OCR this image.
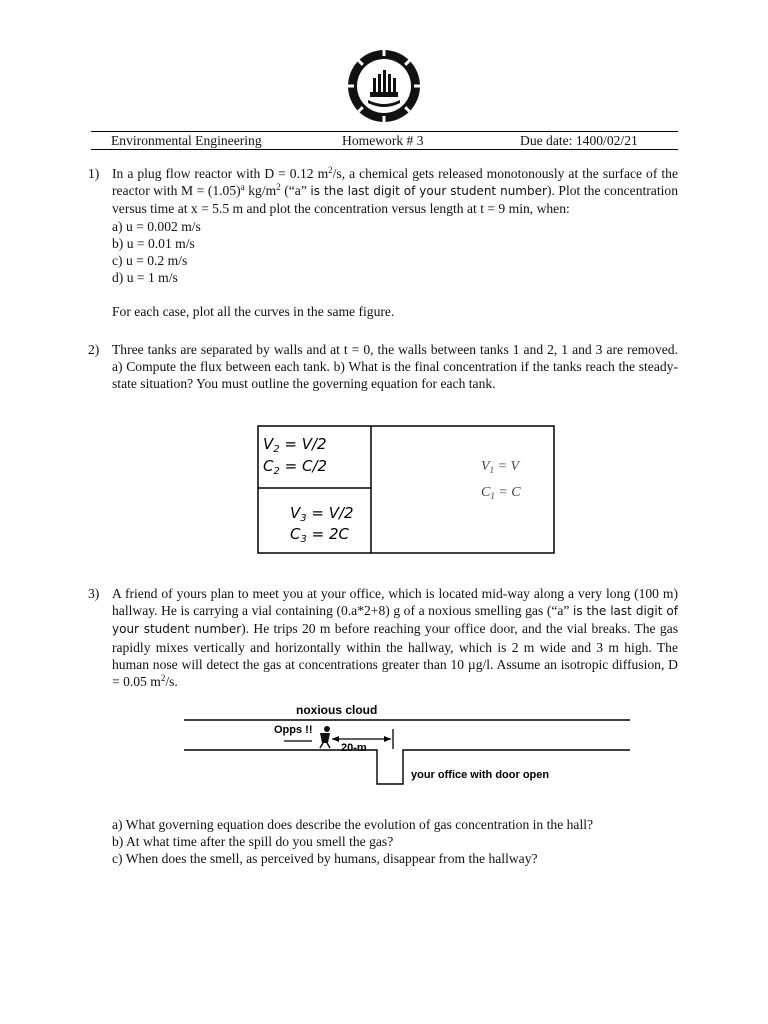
Environmental Engineering	Homework # 3	Due date: 1400/02/21
1) In a plug flow reactor with D = 0.12 $m^2/s$, a chemical gets released monotonously at the surface of the reactor with $M = (1.05)^a$ $kg/m^2$ (“a” is the last digit of your student number). Plot the concentration versus time at x = 5.5 m and plot the concentration versus length at t = 9 min, when:

a) u = 0.002 m/s
b) u = 0.01 m/s
c) u = 0.2 m/s
d) u = 1 m/s
For each case, plot all the curves in the same figure.
2) Three tanks are separated by walls and at t = 0, the walls between tanks 1 and 2, 1 and 3 are removed. a) Compute the flux between each tank. b) What is the final concentration if the tanks reach the steady-state situation? You must outline the governing equation for each tank.

$V_2 = V/2$
$C_2 = C/2$
$V_3 = V/2$
$C_3 = 2C$
$V_1 = V$
$C_1 = C$
3) A friend of yours plan to meet you at your office, which is located mid-way along a very long (100 m) hallway. He is carrying a vial containing (0.a*2+8) g of a noxious smelling gas (“a” is the last digit of your student number). He trips 20 m before reaching your office door, and the vial breaks. The gas rapidly mixes vertically and horizontally within the hallway, which is 2 m wide and 3 m high. The human nose will detect the gas at concentrations greater than 10 µg/l. Assume an isotropic diffusion, D = 0.05 $m^2/s$.

noxious cloud
Opps !!
20-m
your office with door open
a) What governing equation does describe the evolution of gas concentration in the hall?
b) At what time after the spill do you smell the gas?
c) When does the smell, as perceived by humans, disappear from the hallway?
